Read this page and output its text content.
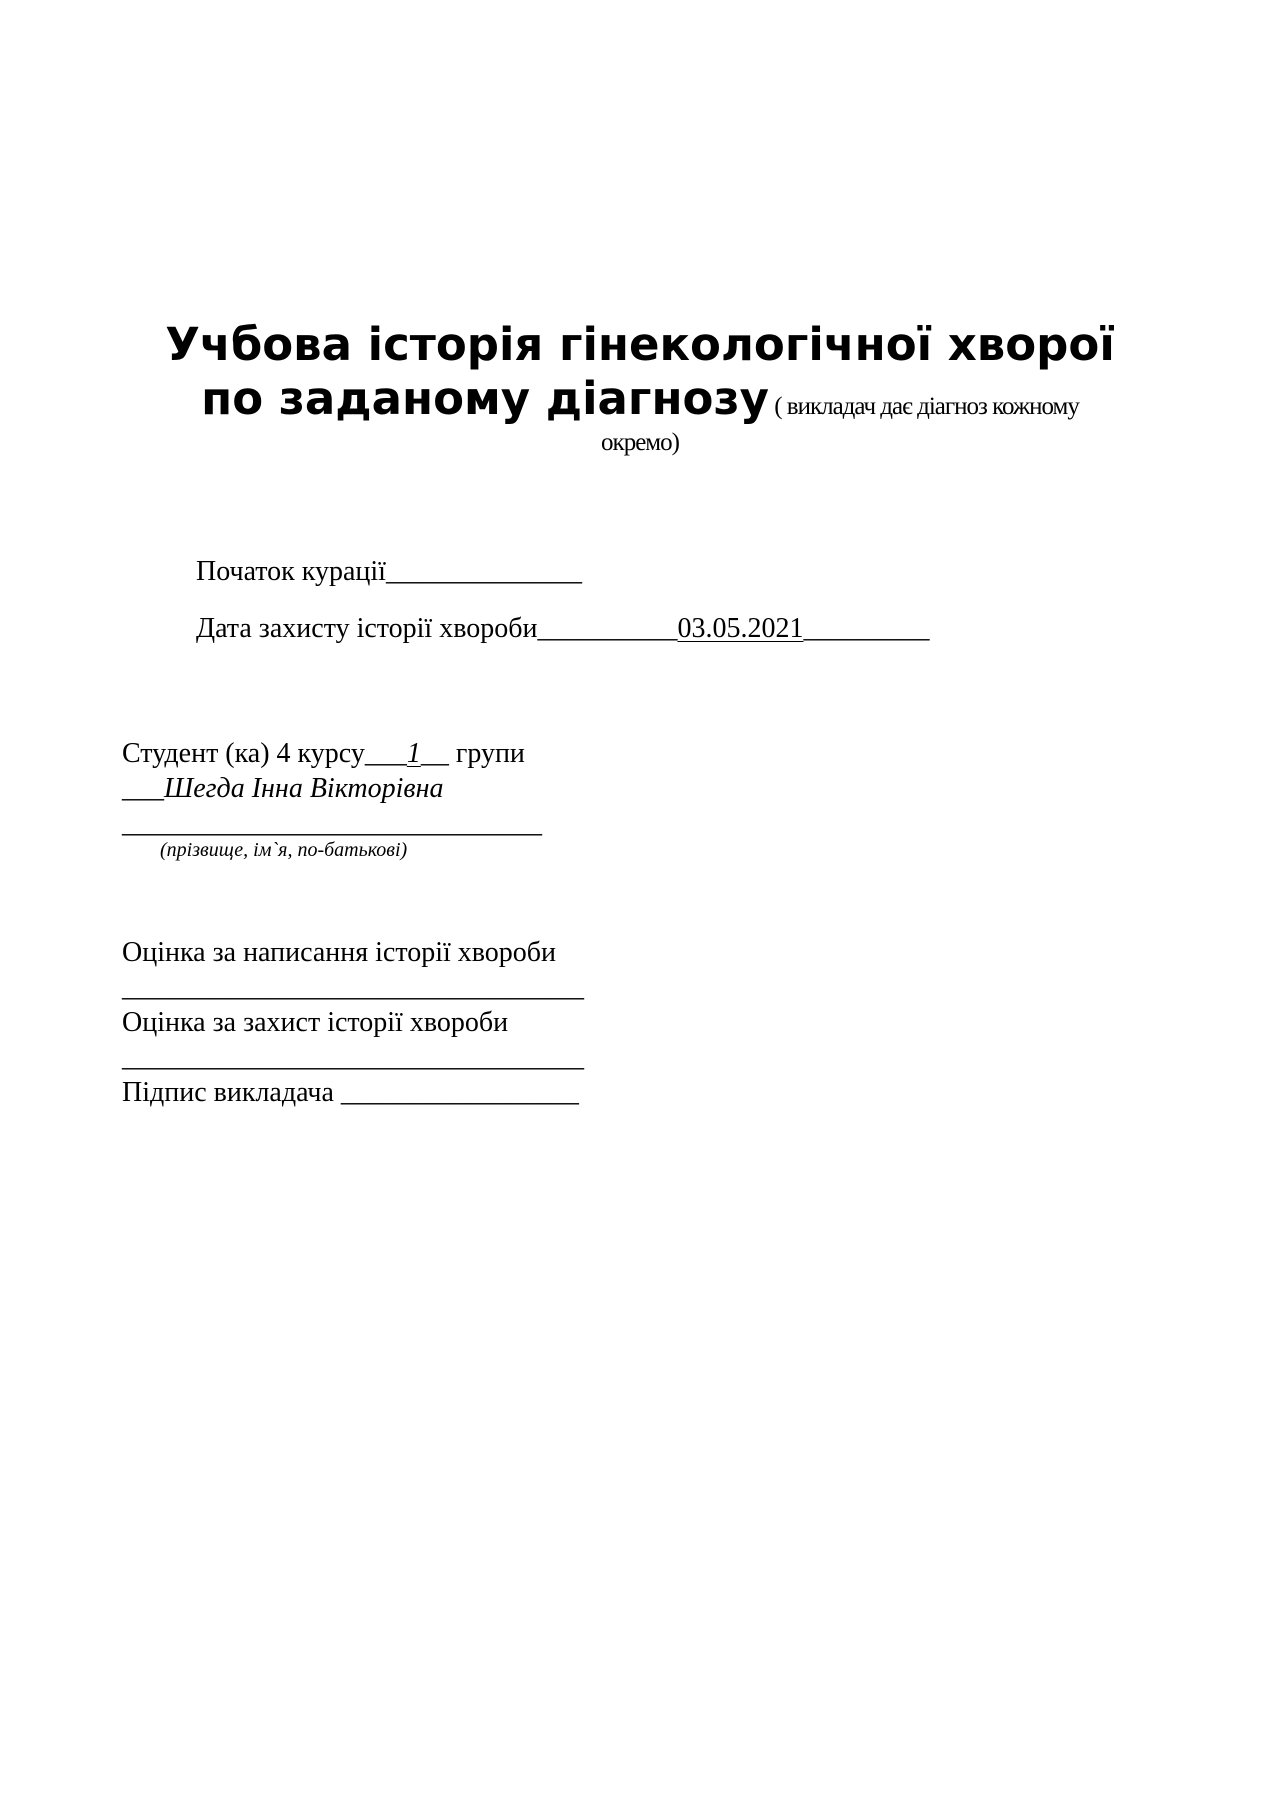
Учбова історія гінекологічної хворої
по заданому діагнозу ( викладач дає діагноз кожному
окремо)
Початок курації______________
Дата захисту історії хвороби__________03.05.2021_________
Студент (ка) 4 курсу___1__ групи
___Шегда Інна Вікторівна
______________________________
(прізвище, ім`я, по-батькові)
Оцінка за написання історії хвороби
_________________________________
Оцінка за захист історії хвороби
_________________________________
Підпис викладача _________________
